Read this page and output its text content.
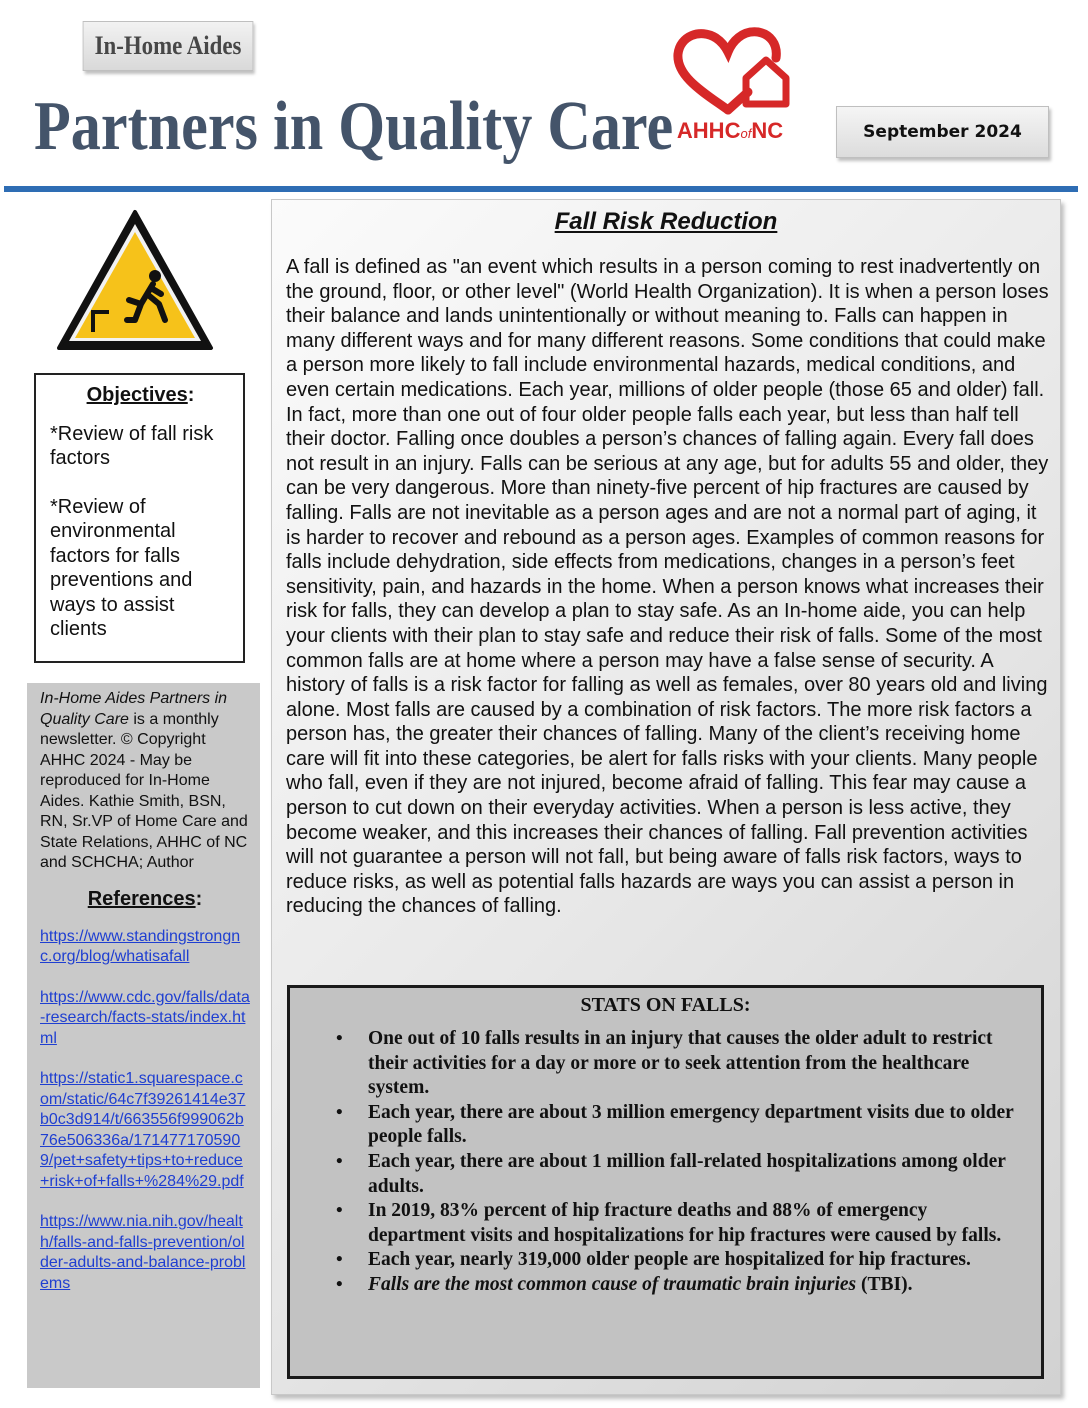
In-Home Aides
Partners in Quality Care AHHCofNC	September 2024
Objectives:

*Review of fall risk factors

*Review of environmental factors for falls preventions and ways to assist clients

In-Home Aides Partners in Quality Care is a monthly newsletter. © Copyright AHHC 2024 - May be reproduced for In-Home Aides. Kathie Smith, BSN, RN, Sr.VP of Home Care and State Relations, AHHC of NC and SCHCHA; Author
References:
https://www.standingstrongnc.org/blog/whatisafall
https://www.cdc.gov/falls/data-research/facts-stats/index.html
https://static1.squarespace.com/static/64c7f39261414e37b0c3d914/t/663556f999062b76e506336a/1714771705909/pet+safety+tips+to+reduce+risk+of+falls+%284%29.pdf
https://www.nia.nih.gov/health/falls-and-falls-prevention/older-adults-and-balance-problems
Fall Risk Reduction
A fall is defined as "an event which results in a person coming to rest inadvertently on the ground, floor, or other level" (World Health Organization). It is when a person loses their balance and lands unintentionally or without meaning to. Falls can happen in many different ways and for many different reasons. Some conditions that could make a person more likely to fall include environmental hazards, medical conditions, and even certain medications. Each year, millions of older people (those 65 and older) fall. In fact, more than one out of four older people falls each year, but less than half tell their doctor. Falling once doubles a person’s chances of falling again. Every fall does not result in an injury. Falls can be serious at any age, but for adults 55 and older, they can be very dangerous. More than ninety-five percent of hip fractures are caused by falling. Falls are not inevitable as a person ages and are not a normal part of aging, it is harder to recover and rebound as a person ages. Examples of common reasons for falls include dehydration, side effects from medications, changes in a person’s feet sensitivity, pain, and hazards in the home. When a person knows what increases their risk for falls, they can develop a plan to stay safe. As an In-home aide, you can help your clients with their plan to stay safe and reduce their risk of falls. Some of the most common falls are at home where a person may have a false sense of security. A history of falls is a risk factor for falling as well as females, over 80 years old and living alone. Most falls are caused by a combination of risk factors. The more risk factors a person has, the greater their chances of falling. Many of the client’s receiving home care will fit into these categories, be alert for falls risks with your clients. Many people who fall, even if they are not injured, become afraid of falling. This fear may cause a person to cut down on their everyday activities. When a person is less active, they become weaker, and this increases their chances of falling. Fall prevention activities will not guarantee a person will not fall, but being aware of falls risk factors, ways to reduce risks, as well as potential falls hazards are ways you can assist a person in reducing the chances of falling.
STATS ON FALLS:
• One out of 10 falls results in an injury that causes the older adult to restrict their activities for a day or more or to seek attention from the healthcare system.
• Each year, there are about 3 million emergency department visits due to older people falls.
• Each year, there are about 1 million fall-related hospitalizations among older adults.
• In 2019, 83% percent of hip fracture deaths and 88% of emergency department visits and hospitalizations for hip fractures were caused by falls.
• Each year, nearly 319,000 older people are hospitalized for hip fractures.
• Falls are the most common cause of traumatic brain injuries (TBI).
